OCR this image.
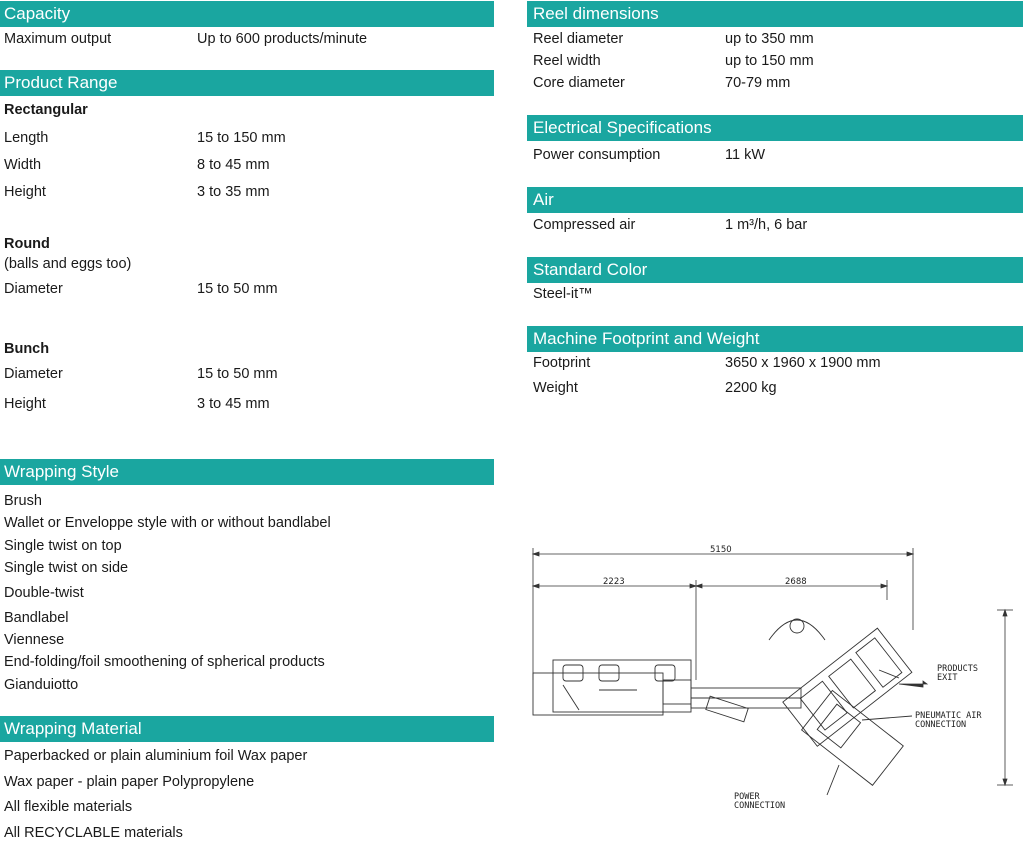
Capacity
Maximum output	Up to 600 products/minute
Product Range
Rectangular
Length	15 to 150 mm
Width	8 to 45 mm
Height	3 to 35 mm
Round
(balls and eggs too)
Diameter	15 to 50 mm
Bunch
Diameter	15 to 50 mm
Height	3 to 45 mm
Wrapping Style
Brush
Wallet or Enveloppe style with or without bandlabel
Single twist on top
Single twist on side
Double-twist
Bandlabel
Viennese
End-folding/foil smoothening of spherical products
Gianduiotto
Wrapping Material
Paperbacked or plain aluminium foil Wax paper
Wax paper - plain paper Polypropylene
All flexible materials
All RECYCLABLE materials
Reel dimensions
Reel diameter	up to 350 mm
Reel width	up to 150 mm
Core diameter	70-79 mm
Electrical Specifications
Power consumption	11 kW
Air
Compressed air	1 m³/h, 6 bar
Standard Color
Steel-it™
Machine Footprint and Weight
Footprint	3650 x 1960 x 1900 mm
Weight	2200 kg
5150
2223	2688
PRODUCTS
EXIT
PNEUMATIC AIR
CONNECTION
POWER
CONNECTION
